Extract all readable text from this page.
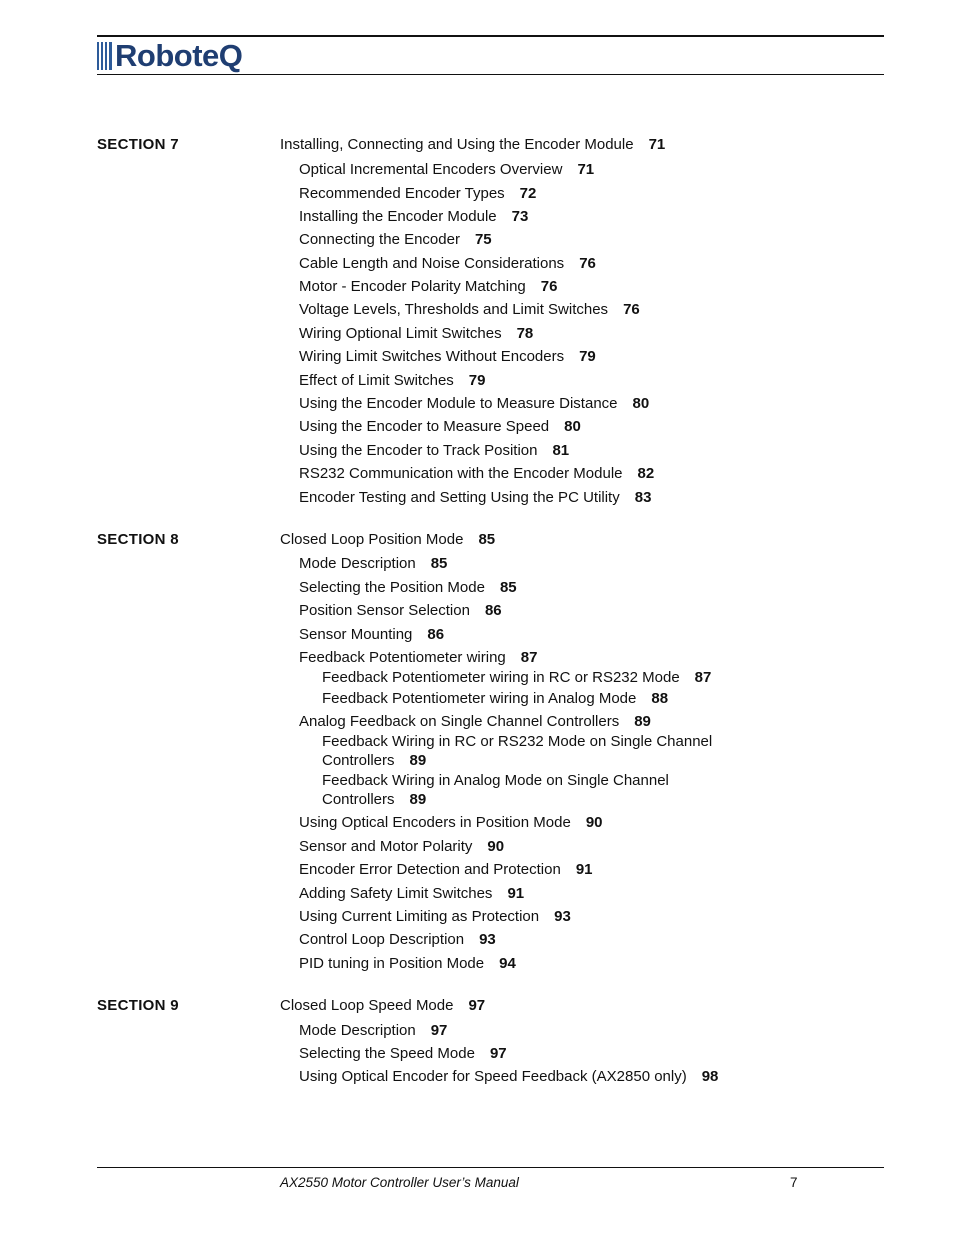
RoboteQ
SECTION 7	Installing, Connecting and Using the Encoder Module 71
Optical Incremental Encoders Overview 71
Recommended Encoder Types 72
Installing the Encoder Module 73
Connecting the Encoder 75
Cable Length and Noise Considerations 76
Motor - Encoder Polarity Matching 76
Voltage Levels, Thresholds and Limit Switches 76
Wiring Optional Limit Switches 78
Wiring Limit Switches Without Encoders 79
Effect of Limit Switches 79
Using the Encoder Module to Measure Distance 80
Using the Encoder to Measure Speed 80
Using the Encoder to Track Position 81
RS232 Communication with the Encoder Module 82
Encoder Testing and Setting Using the PC Utility 83
SECTION 8	Closed Loop Position Mode 85
Mode Description 85
Selecting the Position Mode 85
Position Sensor Selection 86
Sensor Mounting 86
Feedback Potentiometer wiring 87
Feedback Potentiometer wiring in RC or RS232 Mode 87
Feedback Potentiometer wiring in Analog Mode 88
Analog Feedback on Single Channel Controllers 89
Feedback Wiring in RC or RS232 Mode on Single Channel
Controllers 89
Feedback Wiring in Analog Mode on Single Channel
Controllers 89
Using Optical Encoders in Position Mode 90
Sensor and Motor Polarity 90
Encoder Error Detection and Protection 91
Adding Safety Limit Switches 91
Using Current Limiting as Protection 93
Control Loop Description 93
PID tuning in Position Mode 94
SECTION 9	Closed Loop Speed Mode 97
Mode Description 97
Selecting the Speed Mode 97
Using Optical Encoder for Speed Feedback (AX2850 only) 98
AX2550 Motor Controller User’s Manual	7
